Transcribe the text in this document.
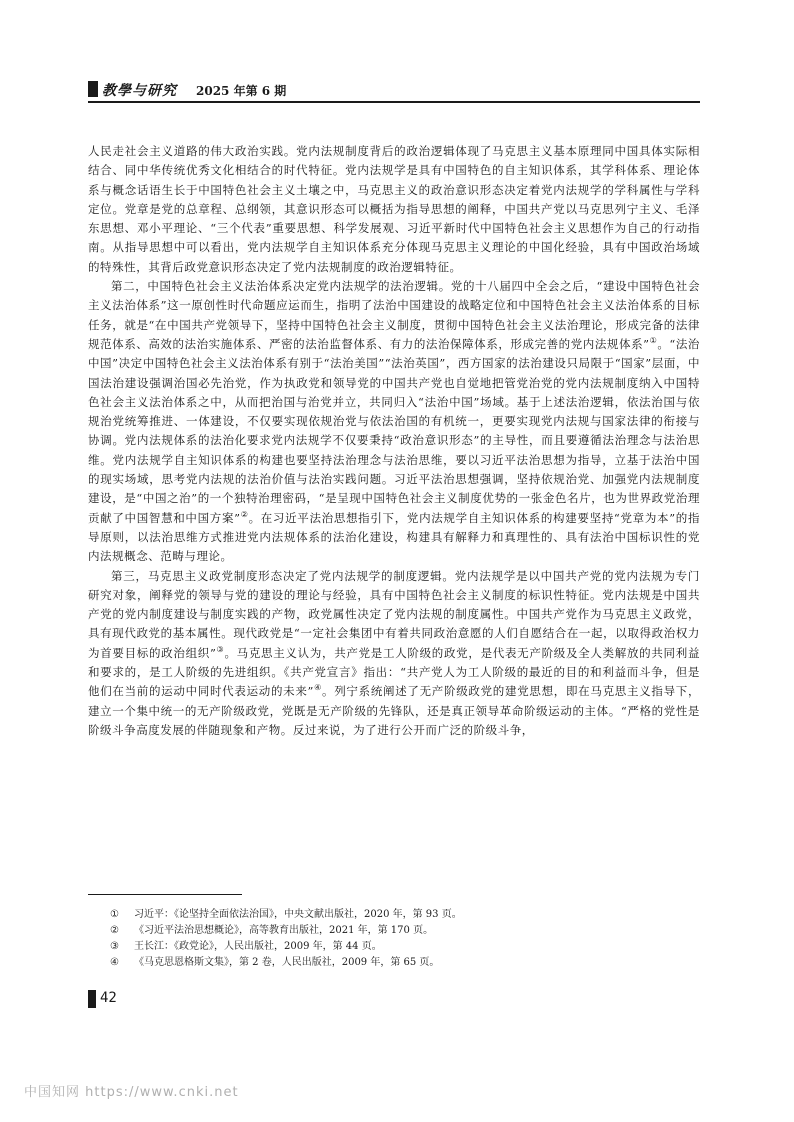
教學与研究 2025 年第 6 期

人民走社会主义道路的伟大政治实践。党内法规制度背后的政治逻辑体现了马克思主义基本原理同中国具体实际相结合、同中华传统优秀文化相结合的时代特征。党内法规学是具有中国特色的自主知识体系，其学科体系、理论体系与概念话语生长于中国特色社会主义土壤之中，马克思主义的政治意识形态决定着党内法规学的学科属性与学科定位。党章是党的总章程、总纲领，其意识形态可以概括为指导思想的阐释，中国共产党以马克思列宁主义、毛泽东思想、邓小平理论、“三个代表”重要思想、科学发展观、习近平新时代中国特色社会主义思想作为自己的行动指南。从指导思想中可以看出，党内法规学自主知识体系充分体现马克思主义理论的中国化经验，具有中国政治场域的特殊性，其背后政党意识形态决定了党内法规制度的政治逻辑特征。

第二，中国特色社会主义法治体系决定党内法规学的法治逻辑。党的十八届四中全会之后，“建设中国特色社会主义法治体系”这一原创性时代命题应运而生，指明了法治中国建设的战略定位和中国特色社会主义法治体系的目标任务，就是“在中国共产党领导下，坚持中国特色社会主义制度，贯彻中国特色社会主义法治理论，形成完备的法律规范体系、高效的法治实施体系、严密的法治监督体系、有力的法治保障体系，形成完善的党内法规体系”①。“法治中国”决定中国特色社会主义法治体系有别于“法治美国”“法治英国”，西方国家的法治建设只局限于“国家”层面，中国法治建设强调治国必先治党，作为执政党和领导党的中国共产党也自觉地把管党治党的党内法规制度纳入中国特色社会主义法治体系之中，从而把治国与治党并立，共同归入“法治中国”场域。基于上述法治逻辑，依法治国与依规治党统筹推进、一体建设，不仅要实现依规治党与依法治国的有机统一，更要实现党内法规与国家法律的衔接与协调。党内法规体系的法治化要求党内法规学不仅要秉持“政治意识形态”的主导性，而且要遵循法治理念与法治思维。党内法规学自主知识体系的构建也要坚持法治理念与法治思维，要以习近平法治思想为指导，立基于法治中国的现实场域，思考党内法规的法治价值与法治实践问题。习近平法治思想强调，坚持依规治党、加强党内法规制度建设，是“中国之治”的一个独特治理密码，“是呈现中国特色社会主义制度优势的一张金色名片，也为世界政党治理贡献了中国智慧和中国方案”②。在习近平法治思想指引下，党内法规学自主知识体系的构建要坚持“党章为本”的指导原则，以法治思维方式推进党内法规体系的法治化建设，构建具有解释力和真理性的、具有法治中国标识性的党内法规概念、范畴与理论。

第三，马克思主义政党制度形态决定了党内法规学的制度逻辑。党内法规学是以中国共产党的党内法规为专门研究对象，阐释党的领导与党的建设的理论与经验，具有中国特色社会主义制度的标识性特征。党内法规是中国共产党的党内制度建设与制度实践的产物，政党属性决定了党内法规的制度属性。中国共产党作为马克思主义政党，具有现代政党的基本属性。现代政党是“一定社会集团中有着共同政治意愿的人们自愿结合在一起，以取得政治权力为首要目标的政治组织”③。马克思主义认为，共产党是工人阶级的政党，是代表无产阶级及全人类解放的共同利益和要求的，是工人阶级的先进组织。《共产党宣言》指出：“共产党人为工人阶级的最近的目的和利益而斗争，但是他们在当前的运动中同时代表运动的未来”④。列宁系统阐述了无产阶级政党的建党思想，即在马克思主义指导下，建立一个集中统一的无产阶级政党，党既是无产阶级的先锋队，还是真正领导革命阶级运动的主体。“严格的党性是阶级斗争高度发展的伴随现象和产物。反过来说，为了进行公开而广泛的阶级斗争，

① 习近平：《论坚持全面依法治国》，中央文献出版社，2020 年，第 93 页。
② 《习近平法治思想概论》，高等教育出版社，2021 年，第 170 页。
③ 王长江：《政党论》，人民出版社，2009 年，第 44 页。
④ 《马克思恩格斯文集》，第 2 卷，人民出版社，2009 年，第 65 页。
42
中国知网 https://www.cnki.net
